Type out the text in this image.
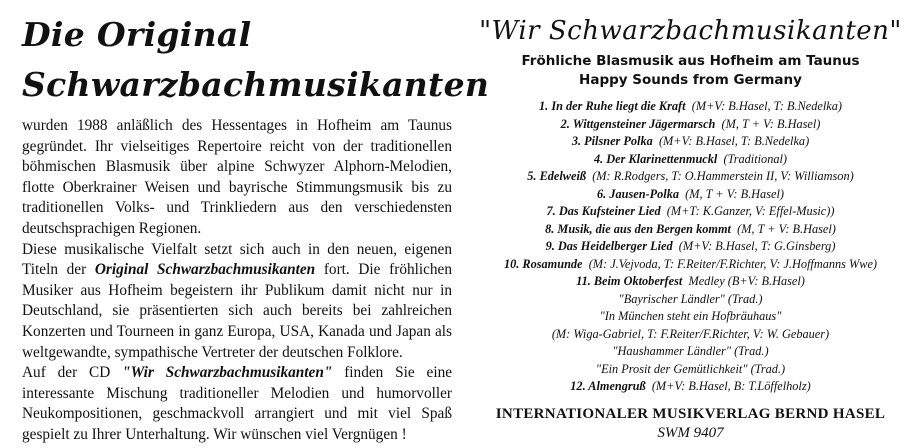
Die Original
Schwarzbachmusikanten

wurden 1988 anläßlich des Hessentages in Hofheim am Taunus gegründet. Ihr vielseitiges Repertoire reicht von der traditionellen böhmischen Blasmusik über alpine Schwyzer Alphorn-Melodien, flotte Oberkrainer Weisen und bayrische Stimmungsmusik bis zu traditionellen Volks- und Trinkliedern aus den verschiedensten deutschsprachigen Regionen.

Diese musikalische Vielfalt setzt sich auch in den neuen, eigenen Titeln der Original Schwarzbachmusikanten fort. Die fröhlichen Musiker aus Hofheim begeistern ihr Publikum damit nicht nur in Deutschland, sie präsentierten sich auch bereits bei zahlreichen Konzerten und Tourneen in ganz Europa, USA, Kanada und Japan als weltgewandte, sympathische Vertreter der deutschen Folklore.

Auf der CD "Wir Schwarzbachmusikanten" finden Sie eine interessante Mischung traditioneller Melodien und humorvoller Neukompositionen, geschmackvoll arrangiert und mit viel Spaß gespielt zu Ihrer Unterhaltung. Wir wünschen viel Vergnügen !

"Wir Schwarzbachmusikanten"
Fröhliche Blasmusik aus Hofheim am Taunus
Happy Sounds from Germany
1. In der Ruhe liegt die Kraft (M+V: B.Hasel, T: B.Nedelka)
2. Wittgensteiner Jägermarsch (M, T + V: B.Hasel)
3. Pilsner Polka (M+V: B.Hasel, T: B.Nedelka)
4. Der Klarinettenmuckl (Traditional)
5. Edelweiß (M: R.Rodgers, T: O.Hammerstein II, V: Williamson)
6. Jausen-Polka (M, T + V: B.Hasel)
7. Das Kufsteiner Lied (M+T: K.Ganzer, V: Effel-Music))
8. Musik, die aus den Bergen kommt (M, T + V: B.Hasel)
9. Das Heidelberger Lied (M+V: B.Hasel, T: G.Ginsberg)
10. Rosamunde (M: J.Vejvoda, T: F.Reiter/F.Richter, V: J.Hoffmanns Wwe)
11. Beim Oktoberfest Medley (B+V: B.Hasel)
"Bayrischer Ländler" (Trad.)
"In München steht ein Hofbräuhaus"
(M: Wiga-Gabriel, T: F.Reiter/F.Richter, V: W. Gebauer)
"Haushammer Ländler" (Trad.)
"Ein Prosit der Gemütlichkeit" (Trad.)
12. Almengruß (M+V: B.Hasel, B: T.Löffelholz)
INTERNATIONALER MUSIKVERLAG BERND HASEL
SWM 9407
